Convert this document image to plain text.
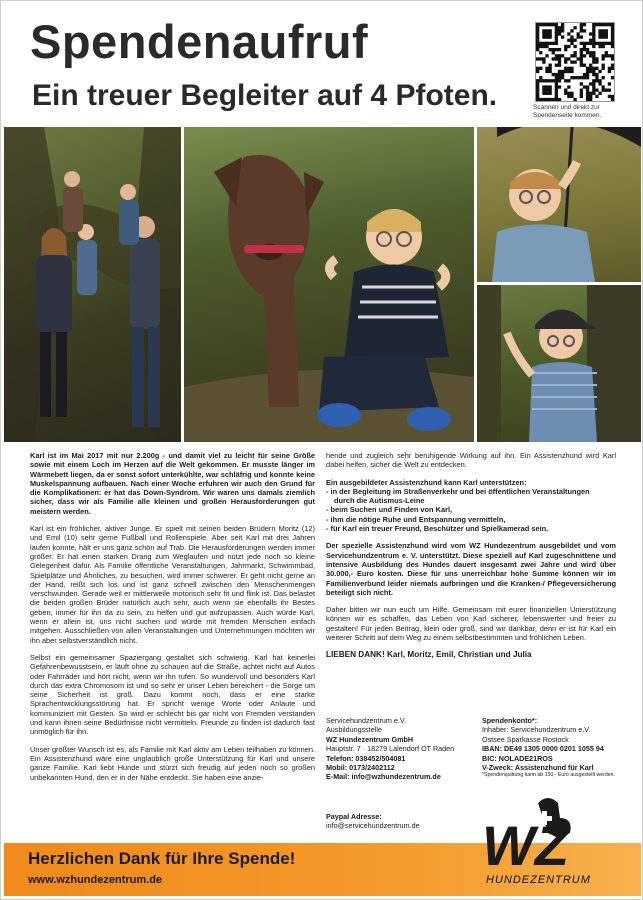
Spendenaufruf
Ein treuer Begleiter auf 4 Pfoten.	Scannen und direkt zur Spendenseite kommen.

Karl ist im Mai 2017 mit nur 2.200g - und damit viel zu leicht für seine Größe sowie mit einem Loch im Herzen auf die Welt gekommen. Er musste länger im Wärmebett liegen, da er sonst sofort unterkühlte, war schläfrig und konnte keine Muskelspannung aufbauen. Nach einer Woche erfuhren wir auch den Grund für die Komplikationen: er hat das Down-Syndrom. Wir waren uns damals ziemlich sicher, dass wir als Familie alle kleinen und großen Herausforderungen gut meistern werden.

Karl ist ein fröhlicher, aktiver Junge. Er spielt mit seinen beiden Brüdern Moritz (12) und Emil (10) sehr gerne Fußball und Rollenspiele. Aber seit Karl mit drei Jahren laufen konnte, hält er uns ganz schön auf Trab. Die Herausforderungen werden immer größer. Er hat einen starken Drang zum Weglaufen und nutzt jede noch so kleine Gelegenheit dafür. Als Familie öffentliche Veranstaltungen, Jahrmarkt, Schwimmbad, Spielplätze und Ähnliches, zu besuchen, wird immer schwerer. Er geht nicht gerne an der Hand, reißt sich los und ist ganz schnell zwischen den Menschenmengen verschwunden. Gerade weil er mittlerweile motorisch sehr fit und flink ist. Das belastet die beiden großen Brüder natürlich auch sehr, auch wenn sie ebenfalls ihr Bestes geben, immer für ihn da zu sein, zu helfen und gut aufzupassen. Auch würde Karl, wenn er allein ist, uns nicht suchen und würde mit fremden Menschen einfach mitgehen. Ausschließen von allen Veranstaltungen und Unternehmungen möchten wir ihn aber selbstverständlich nicht.

Selbst ein gemeinsamer Spaziergang gestaltet sich schwierig. Karl hat keinerlei Gefahrenbewusstsein, er läuft ohne zu schauen auf die Straße, achtet nicht auf Autos oder Fahrräder und hört nicht, wenn wir ihn rufen. So wundervoll und besonders Karl durch das extra Chromosom ist und so sehr er unser Leben bereichert - die Sorge um seine Sicherheit ist groß. Dazu kommt noch, dass er eine starke Sprachentwicklungsstörung hat. Er spricht wenige Worte oder Anlaute und kommuniziert mit Gesten. So wird er schlecht bis gar nicht von Fremden verstanden und kann ihnen seine Bedürfnisse nicht vermitteln. Freunde zu finden ist dadurch fast unmöglich für ihn.

Unser größter Wunsch ist es, als Familie mit Karl aktiv am Leben teilhaben zu können. Ein Assistenzhund wäre eine unglaublich große Unterstützung für Karl und unsere ganze Familie. Karl liebt Hunde und stürzt sich freudig auf jeden noch so großen unbekannten Hund, den er in der Nähe entdeckt. Sie haben eine anzie-

hende und zugleich sehr beruhigende Wirkung auf ihn. Ein Assistenzhund wird Karl dabei helfen, sicher die Welt zu entdecken.

Ein ausgebildeter Assistenzhund kann Karl unterstützen:
- in der Begleitung im Straßenverkehr und bei öffentlichen Veranstaltungen
durch die Autismus-Leine
- beim Suchen und Finden von Karl,
- ihm die nötige Ruhe und Entspannung vermitteln,
- für Karl ein treuer Freund, Beschützer und Spielkamerad sein.

Der spezielle Assistenzhund wird vom WZ Hundezentrum ausgebildet und vom Servicehundzentrum e. V. unterstützt. Diese speziell auf Karl zugeschnittene und intensive Ausbildung des Hundes dauert insgesamt zwei Jahre und wird über 30.000,- Euro kosten. Diese für uns unerreichbar hohe Summe können wir im Familienverbund leider niemals aufbringen und die Kranken-/ Pflegeversicherung beteiligt sich nicht.

Daher bitten wir nun euch um Hilfe. Gemeinsam mit eurer finanziellen Unterstützung können wir es schaffen, das Leben von Karl sicherer, lebenswerter und freier zu gestalten! Für jeden Beitrag, klein oder groß, sind wir dankbar, denn er ist für Karl ein weiterer Schritt auf dem Weg zu einem selbstbestimmten und fröhlichen Leben.

LIEBEN DANK! Karl, Moritz, Emil, Christian und Julia
Servicehundzentrum e.V.
Ausbildungsstelle
WZ Hundezentrum GmbH
Hauptstr. 7 · 18279 Lalendorf OT Raden
Telefon: 038452/504081
Mobil: 0173/2402112
E-Mail: info@wzhundezentrum.de
Paypal Adresse:
info@servicehundzentrum.de
Spendenkonto*:
Inhaber: Servicehundzentrum e.V.
Ostsee Sparkasse Rostock
IBAN: DE49 1305 0000 0201 1055 94
BIC: NOLADE21ROS
V-Zweck: Assistenzhund für Karl
*Spendenquittung kann ab 150,- Euro ausgestellt werden.
Herzlichen Dank für Ihre Spende!
www.wzhundezentrum.de
WZ
HUNDEZENTRUM
